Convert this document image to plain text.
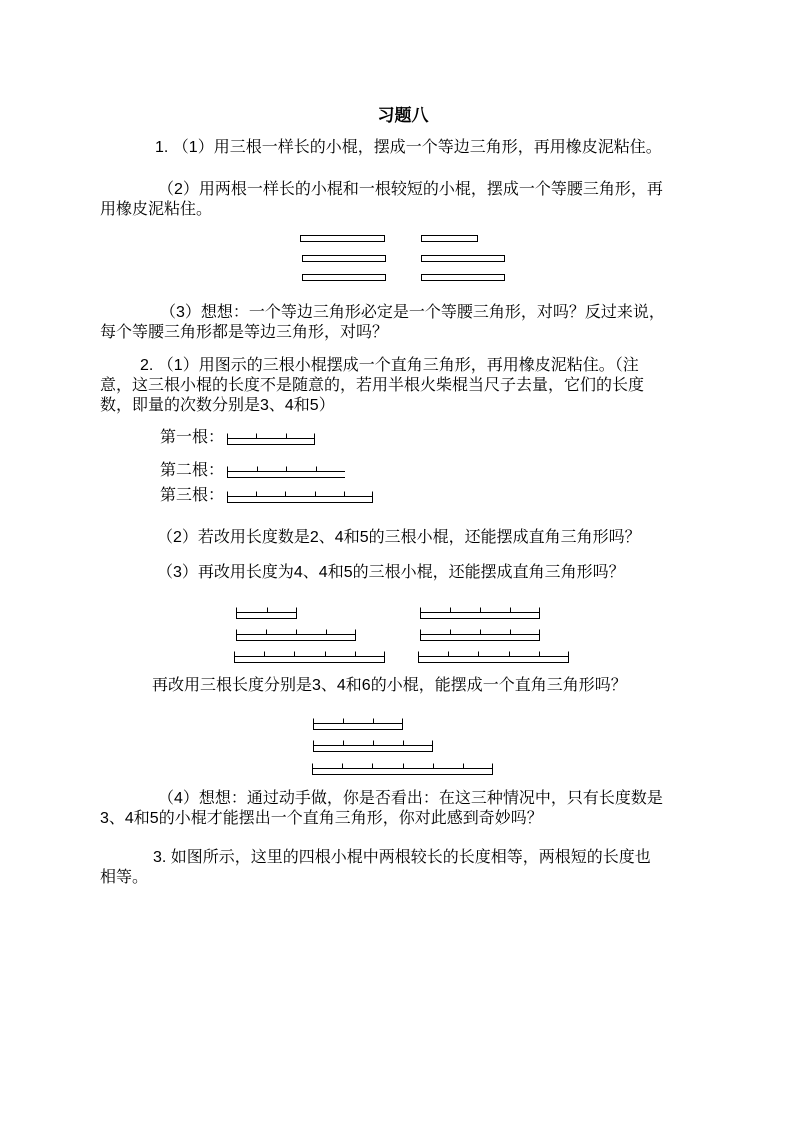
习题八
1. （1）用三根一样长的小棍，摆成一个等边三角形，再用橡皮泥粘住。
（2）用两根一样长的小棍和一根较短的小棍，摆成一个等腰三角形，再
用橡皮泥粘住。
（3）想想：一个等边三角形必定是一个等腰三角形，对吗？反过来说，
每个等腰三角形都是等边三角形，对吗？
2. （1）用图示的三根小棍摆成一个直角三角形，再用橡皮泥粘住。（注
意，这三根小棍的长度不是随意的，若用半根火柴棍当尺子去量，它们的长度
数，即量的次数分别是3、4和5）
第一根：
第二根：
第三根：
（2）若改用长度数是2、4和5的三根小棍，还能摆成直角三角形吗？
（3）再改用长度为4、4和5的三根小棍，还能摆成直角三角形吗？
再改用三根长度分别是3、4和6的小棍，能摆成一个直角三角形吗？
（4）想想：通过动手做，你是否看出：在这三种情况中，只有长度数是
3、4和5的小棍才能摆出一个直角三角形，你对此感到奇妙吗？
3. 如图所示，这里的四根小棍中两根较长的长度相等，两根短的长度也
相等。
